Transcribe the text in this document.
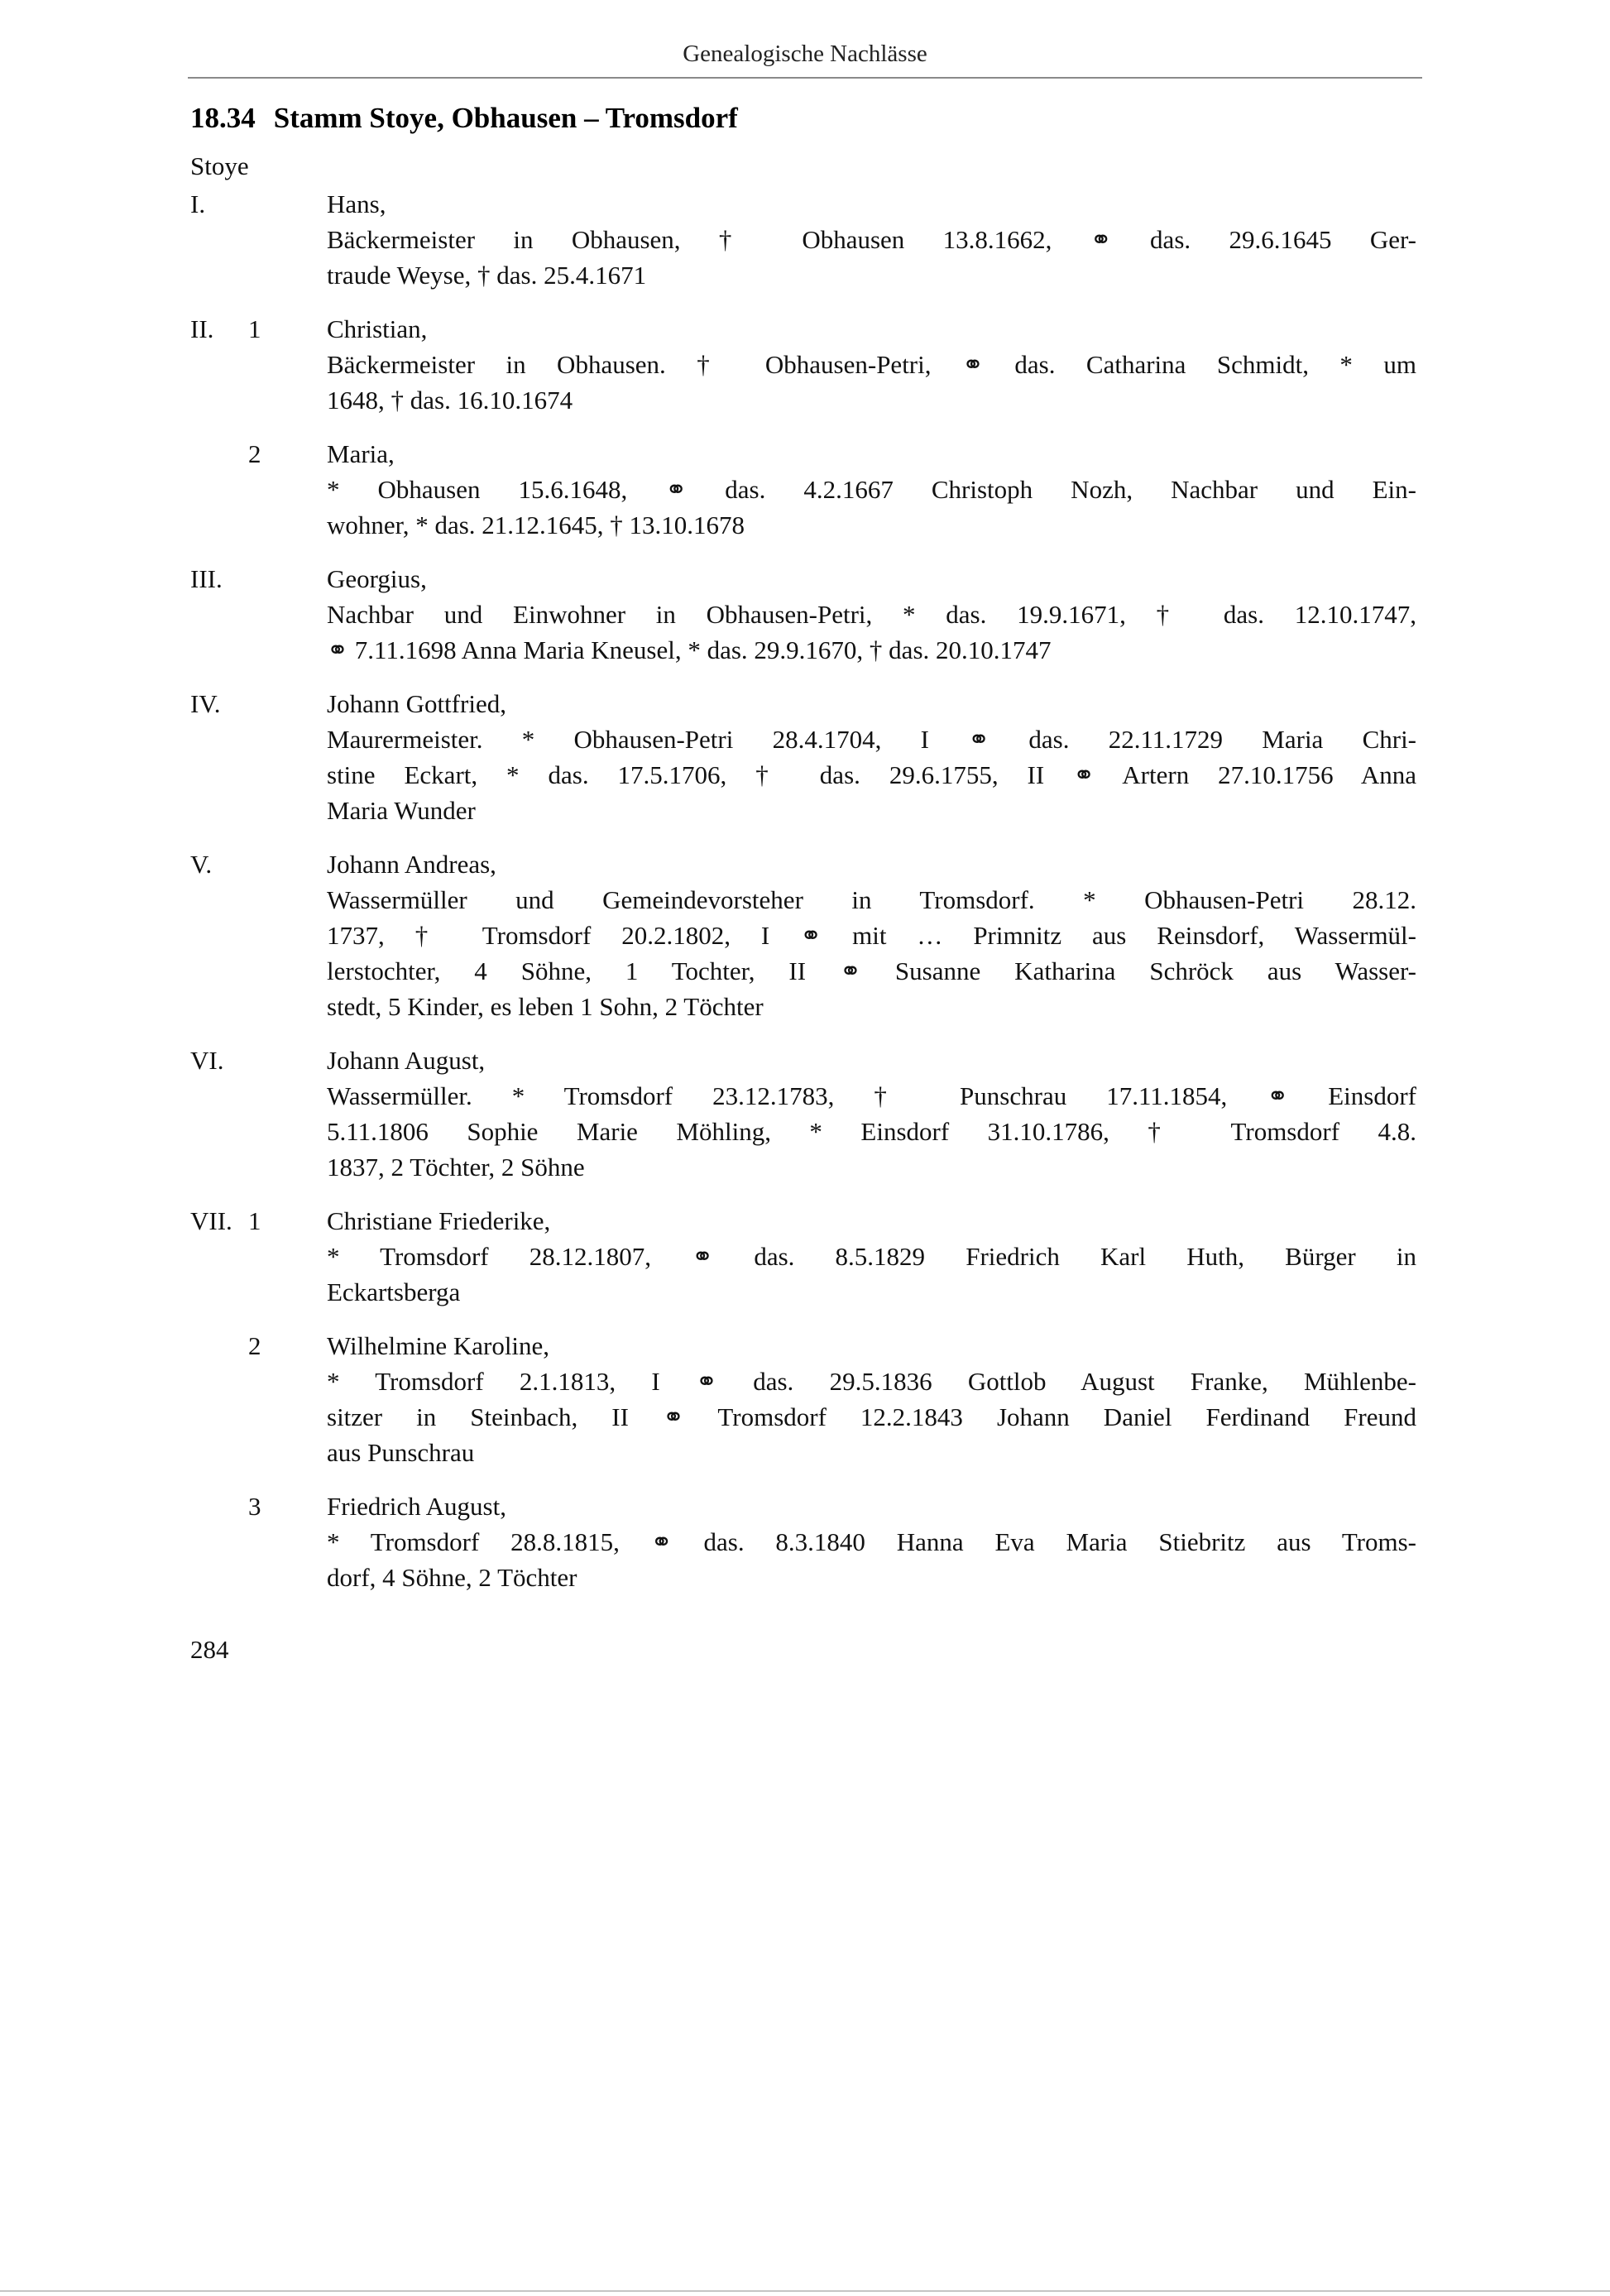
Genealogische Nachlässe
18.34 Stamm Stoye, Obhausen – Tromsdorf
Stoye
I.	Hans,
Bäckermeister in Obhausen, † Obhausen 13.8.1662, ⚭ das. 29.6.1645 Ger-
traude Weyse, † das. 25.4.1671
II.	1	Christian,
Bäckermeister in Obhausen. † Obhausen-Petri, ⚭ das. Catharina Schmidt, * um
1648, † das. 16.10.1674
2	Maria,
* Obhausen 15.6.1648, ⚭ das. 4.2.1667 Christoph Nozh, Nachbar und Ein-
wohner, * das. 21.12.1645, † 13.10.1678
III.	Georgius,
Nachbar und Einwohner in Obhausen-Petri, * das. 19.9.1671, † das. 12.10.1747,
⚭ 7.11.1698 Anna Maria Kneusel, * das. 29.9.1670, † das. 20.10.1747
IV.	Johann Gottfried,
Maurermeister. * Obhausen-Petri 28.4.1704, I ⚭ das. 22.11.1729 Maria Chri-
stine Eckart, * das. 17.5.1706, † das. 29.6.1755, II ⚭ Artern 27.10.1756 Anna
Maria Wunder
V.	Johann Andreas,
Wassermüller und Gemeindevorsteher in Tromsdorf. * Obhausen-Petri 28.12.
1737, † Tromsdorf 20.2.1802, I ⚭ mit … Primnitz aus Reinsdorf, Wassermül-
lerstochter, 4 Söhne, 1 Tochter, II ⚭ Susanne Katharina Schröck aus Wasser-
stedt, 5 Kinder, es leben 1 Sohn, 2 Töchter
VI.	Johann August,
Wassermüller. * Tromsdorf 23.12.1783, † Punschrau 17.11.1854, ⚭ Einsdorf
5.11.1806 Sophie Marie Möhling, * Einsdorf 31.10.1786, † Tromsdorf 4.8.
1837, 2 Töchter, 2 Söhne
VII. 1	Christiane Friederike,
* Tromsdorf 28.12.1807, ⚭ das. 8.5.1829 Friedrich Karl Huth, Bürger in
Eckartsberga
2	Wilhelmine Karoline,
* Tromsdorf 2.1.1813, I ⚭ das. 29.5.1836 Gottlob August Franke, Mühlenbe-
sitzer in Steinbach, II ⚭ Tromsdorf 12.2.1843 Johann Daniel Ferdinand Freund
aus Punschrau
3	Friedrich August,
* Tromsdorf 28.8.1815, ⚭ das. 8.3.1840 Hanna Eva Maria Stiebritz aus Troms-
dorf, 4 Söhne, 2 Töchter
284
